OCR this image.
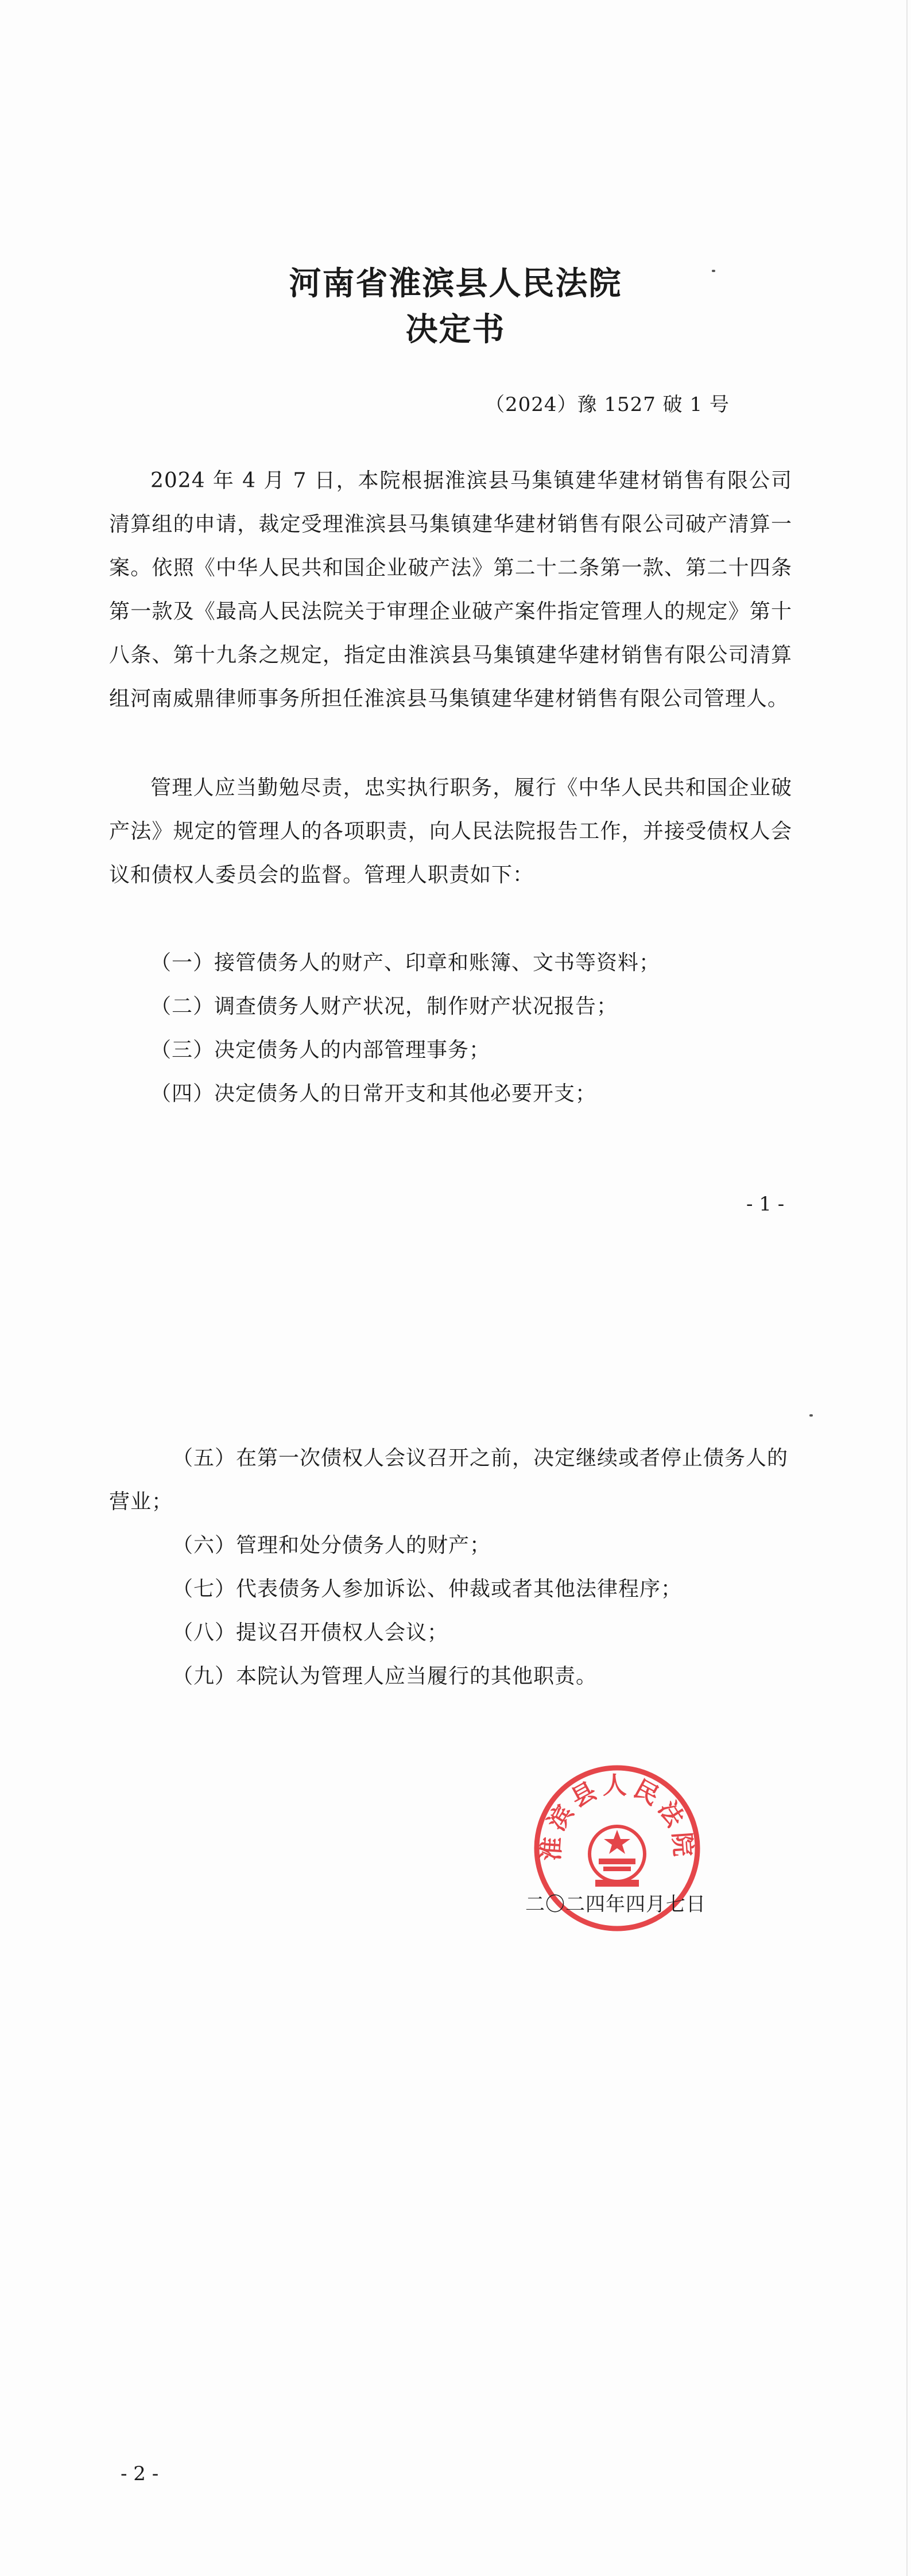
河南省淮滨县人民法院
决定书
（2024）豫 1527 破 1 号
2024 年 4 月 7 日，本院根据淮滨县马集镇建华建材销售有限公司清算组的申请，裁定受理淮滨县马集镇建华建材销售有限公司破产清算一案。依照《中华人民共和国企业破产法》第二十二条第一款、第二十四条第一款及《最高人民法院关于审理企业破产案件指定管理人的规定》第十八条、第十九条之规定，指定由淮滨县马集镇建华建材销售有限公司清算组河南威鼎律师事务所担任淮滨县马集镇建华建材销售有限公司管理人。
管理人应当勤勉尽责，忠实执行职务，履行《中华人民共和国企业破产法》规定的管理人的各项职责，向人民法院报告工作，并接受债权人会议和债权人委员会的监督。管理人职责如下：
（一）接管债务人的财产、印章和账簿、文书等资料；
（二）调查债务人财产状况，制作财产状况报告；
（三）决定债务人的内部管理事务；
（四）决定债务人的日常开支和其他必要开支；
- 1 -
（五）在第一次债权人会议召开之前，决定继续或者停止债务人的营业；
（六）管理和处分债务人的财产；
（七）代表债务人参加诉讼、仲裁或者其他法律程序；
（八）提议召开债权人会议；
（九）本院认为管理人应当履行的其他职责。
淮滨县人民法院
二〇二四年四月七日
- 2 -
